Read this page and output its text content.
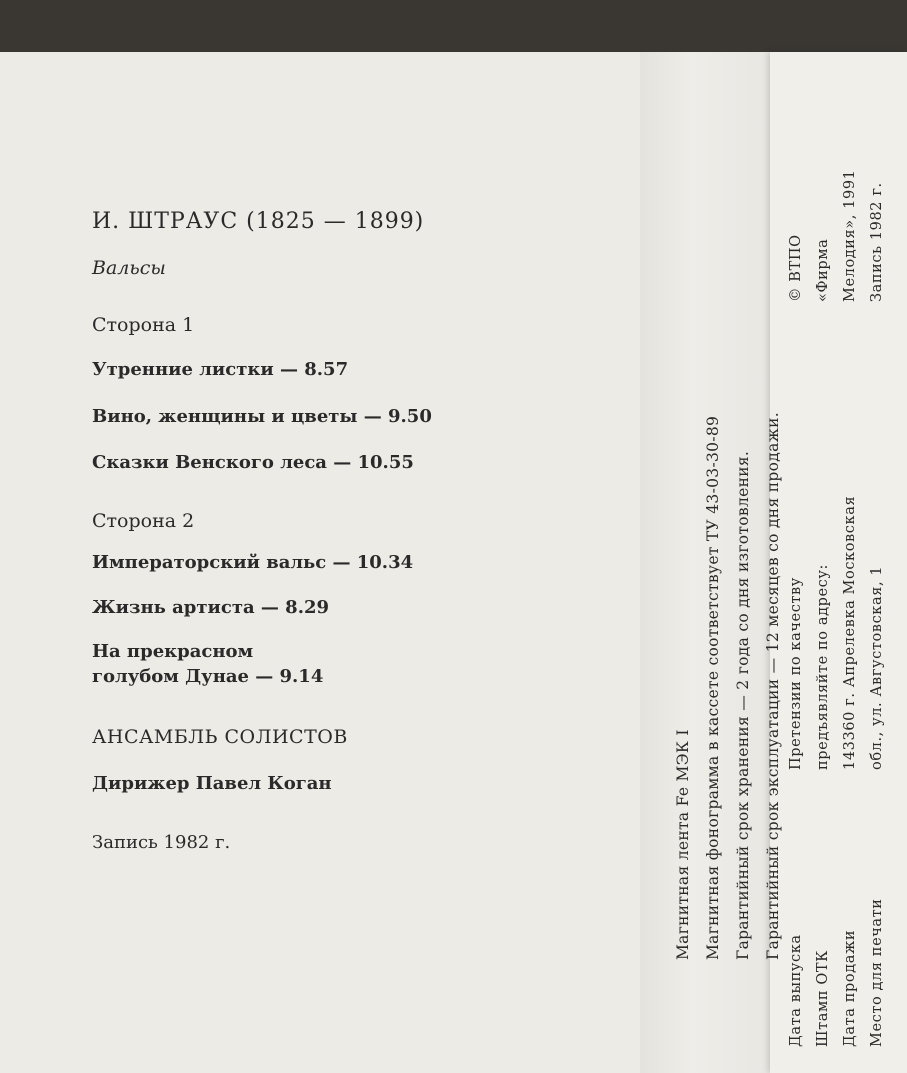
И. ШТРАУС (1825 — 1899)
Вальсы
Сторона 1
Утренние листки — 8.57
Вино, женщины и цветы — 9.50
Сказки Венского леса — 10.55
Сторона 2
Императорский вальс — 10.34
Жизнь артиста — 8.29
На прекрасном
голубом Дунае — 9.14
АНСАМБЛЬ СОЛИСТОВ
Дирижер Павел Коган
Запись 1982 г.	Магнитная лента Fe МЭК I Магнитная фонограмма в кассете соответствует ТУ 43-03-30-89 Гарантийный срок хранения — 2 года со дня изготовления. Гарантийный срок эксплуатации — 12 месяцев со дня продажи.
© ВТПО «Фирма Мелодия», 1991 Запись 1982 г.
Претензии по качеству предъявляйте по адресу: 143360 г. Апрелевка Московская обл., ул. Августовская, 1
Дата выпуска Штамп ОТК Дата продажи Место для печати
